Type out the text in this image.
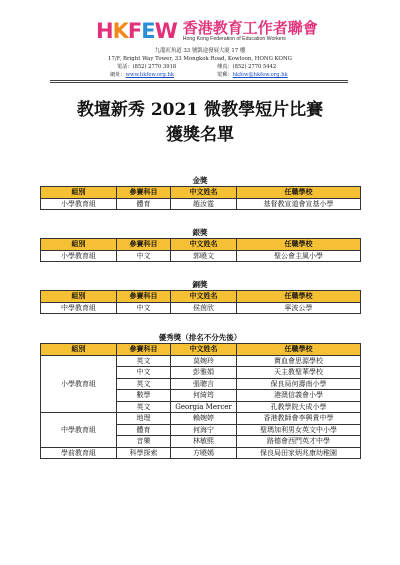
HKFEW 香港教育工作者聯會
Hong Kong Federation of Education Workers
九龍旺角道 33 號凱途發展大廈 17 樓
17/F, Bright Way Tower, 33 Mongkok Road, Kowloon, HONG KONG
電話：(852) 2770 3918	傳真：(852) 2770 5442
網址：www.hkfew.org.hk	電郵：hkfew@hkfew.org.hk
教壇新秀 2021 微教學短片比賽
獲獎名單
金獎
組別	參賽科目	中文姓名	任職學校
小學教育組	體育	趙汝霆	基督教宣道會宣基小學
銀獎
組別	參賽科目	中文姓名	任職學校
小學教育組	中文	郭曉文	聖公會主風小學
銅獎
組別	參賽科目	中文姓名	任職學校
中學教育組	中文	侯茵欣	寧波公學
優秀獎（排名不分先後）
組別	參賽科目	中文姓名	任職學校
小學教育組	英文	莫婉玲	寶血會思源學校
	中文	彭雅娟	天主教聖華學校
	英文	張聰言	保良局何壽南小學
	數學	何綺筠	港澳信義會小學
	英文	Georgia Mercer	孔教學院大成小學
中學教育組	地理	賴婉婷	香港教師會李興貴中學
	體育	何海宁	聖瑪加利男女英文中小學
	音樂	林敏熙	路德會西門英才中學
學前教育組	科學探索	方曉嫣	保良局田家炳兆康幼稚園
